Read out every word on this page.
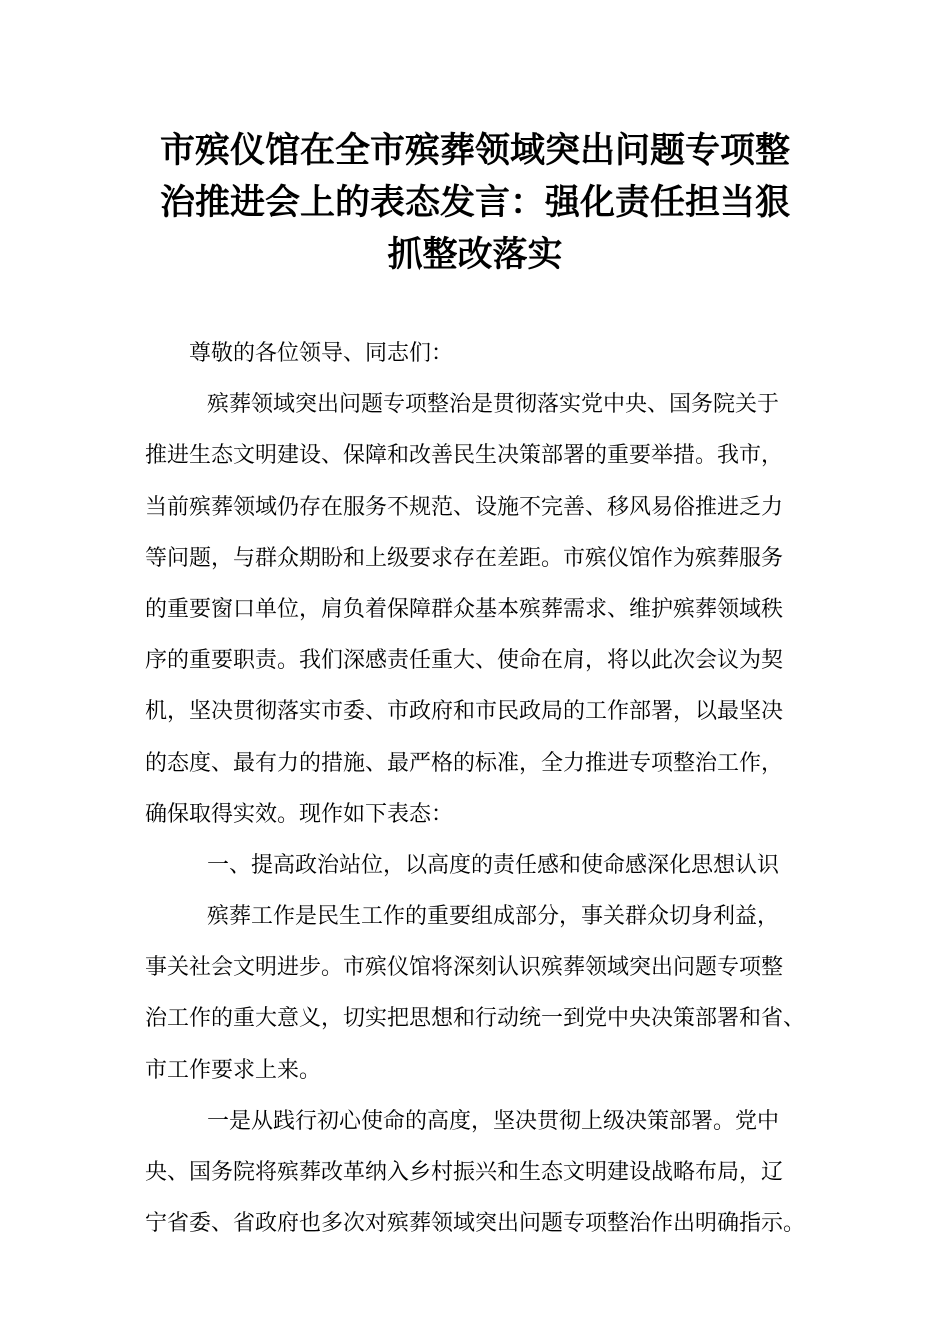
市殡仪馆在全市殡葬领域突出问题专项整
治推进会上的表态发言：强化责任担当狠
抓整改落实
尊敬的各位领导、同志们：
殡葬领域突出问题专项整治是贯彻落实党中央、国务院关于
推进生态文明建设、保障和改善民生决策部署的重要举措。我市，
当前殡葬领域仍存在服务不规范、设施不完善、移风易俗推进乏力
等问题，与群众期盼和上级要求存在差距。市殡仪馆作为殡葬服务
的重要窗口单位，肩负着保障群众基本殡葬需求、维护殡葬领域秩
序的重要职责。我们深感责任重大、使命在肩，将以此次会议为契
机，坚决贯彻落实市委、市政府和市民政局的工作部署，以最坚决
的态度、最有力的措施、最严格的标准，全力推进专项整治工作，
确保取得实效。现作如下表态：
一、提高政治站位，以高度的责任感和使命感深化思想认识
殡葬工作是民生工作的重要组成部分，事关群众切身利益，
事关社会文明进步。市殡仪馆将深刻认识殡葬领域突出问题专项整
治工作的重大意义，切实把思想和行动统一到党中央决策部署和省、
市工作要求上来。
一是从践行初心使命的高度，坚决贯彻上级决策部署。党中
央、国务院将殡葬改革纳入乡村振兴和生态文明建设战略布局，辽
宁省委、省政府也多次对殡葬领域突出问题专项整治作出明确指示。
